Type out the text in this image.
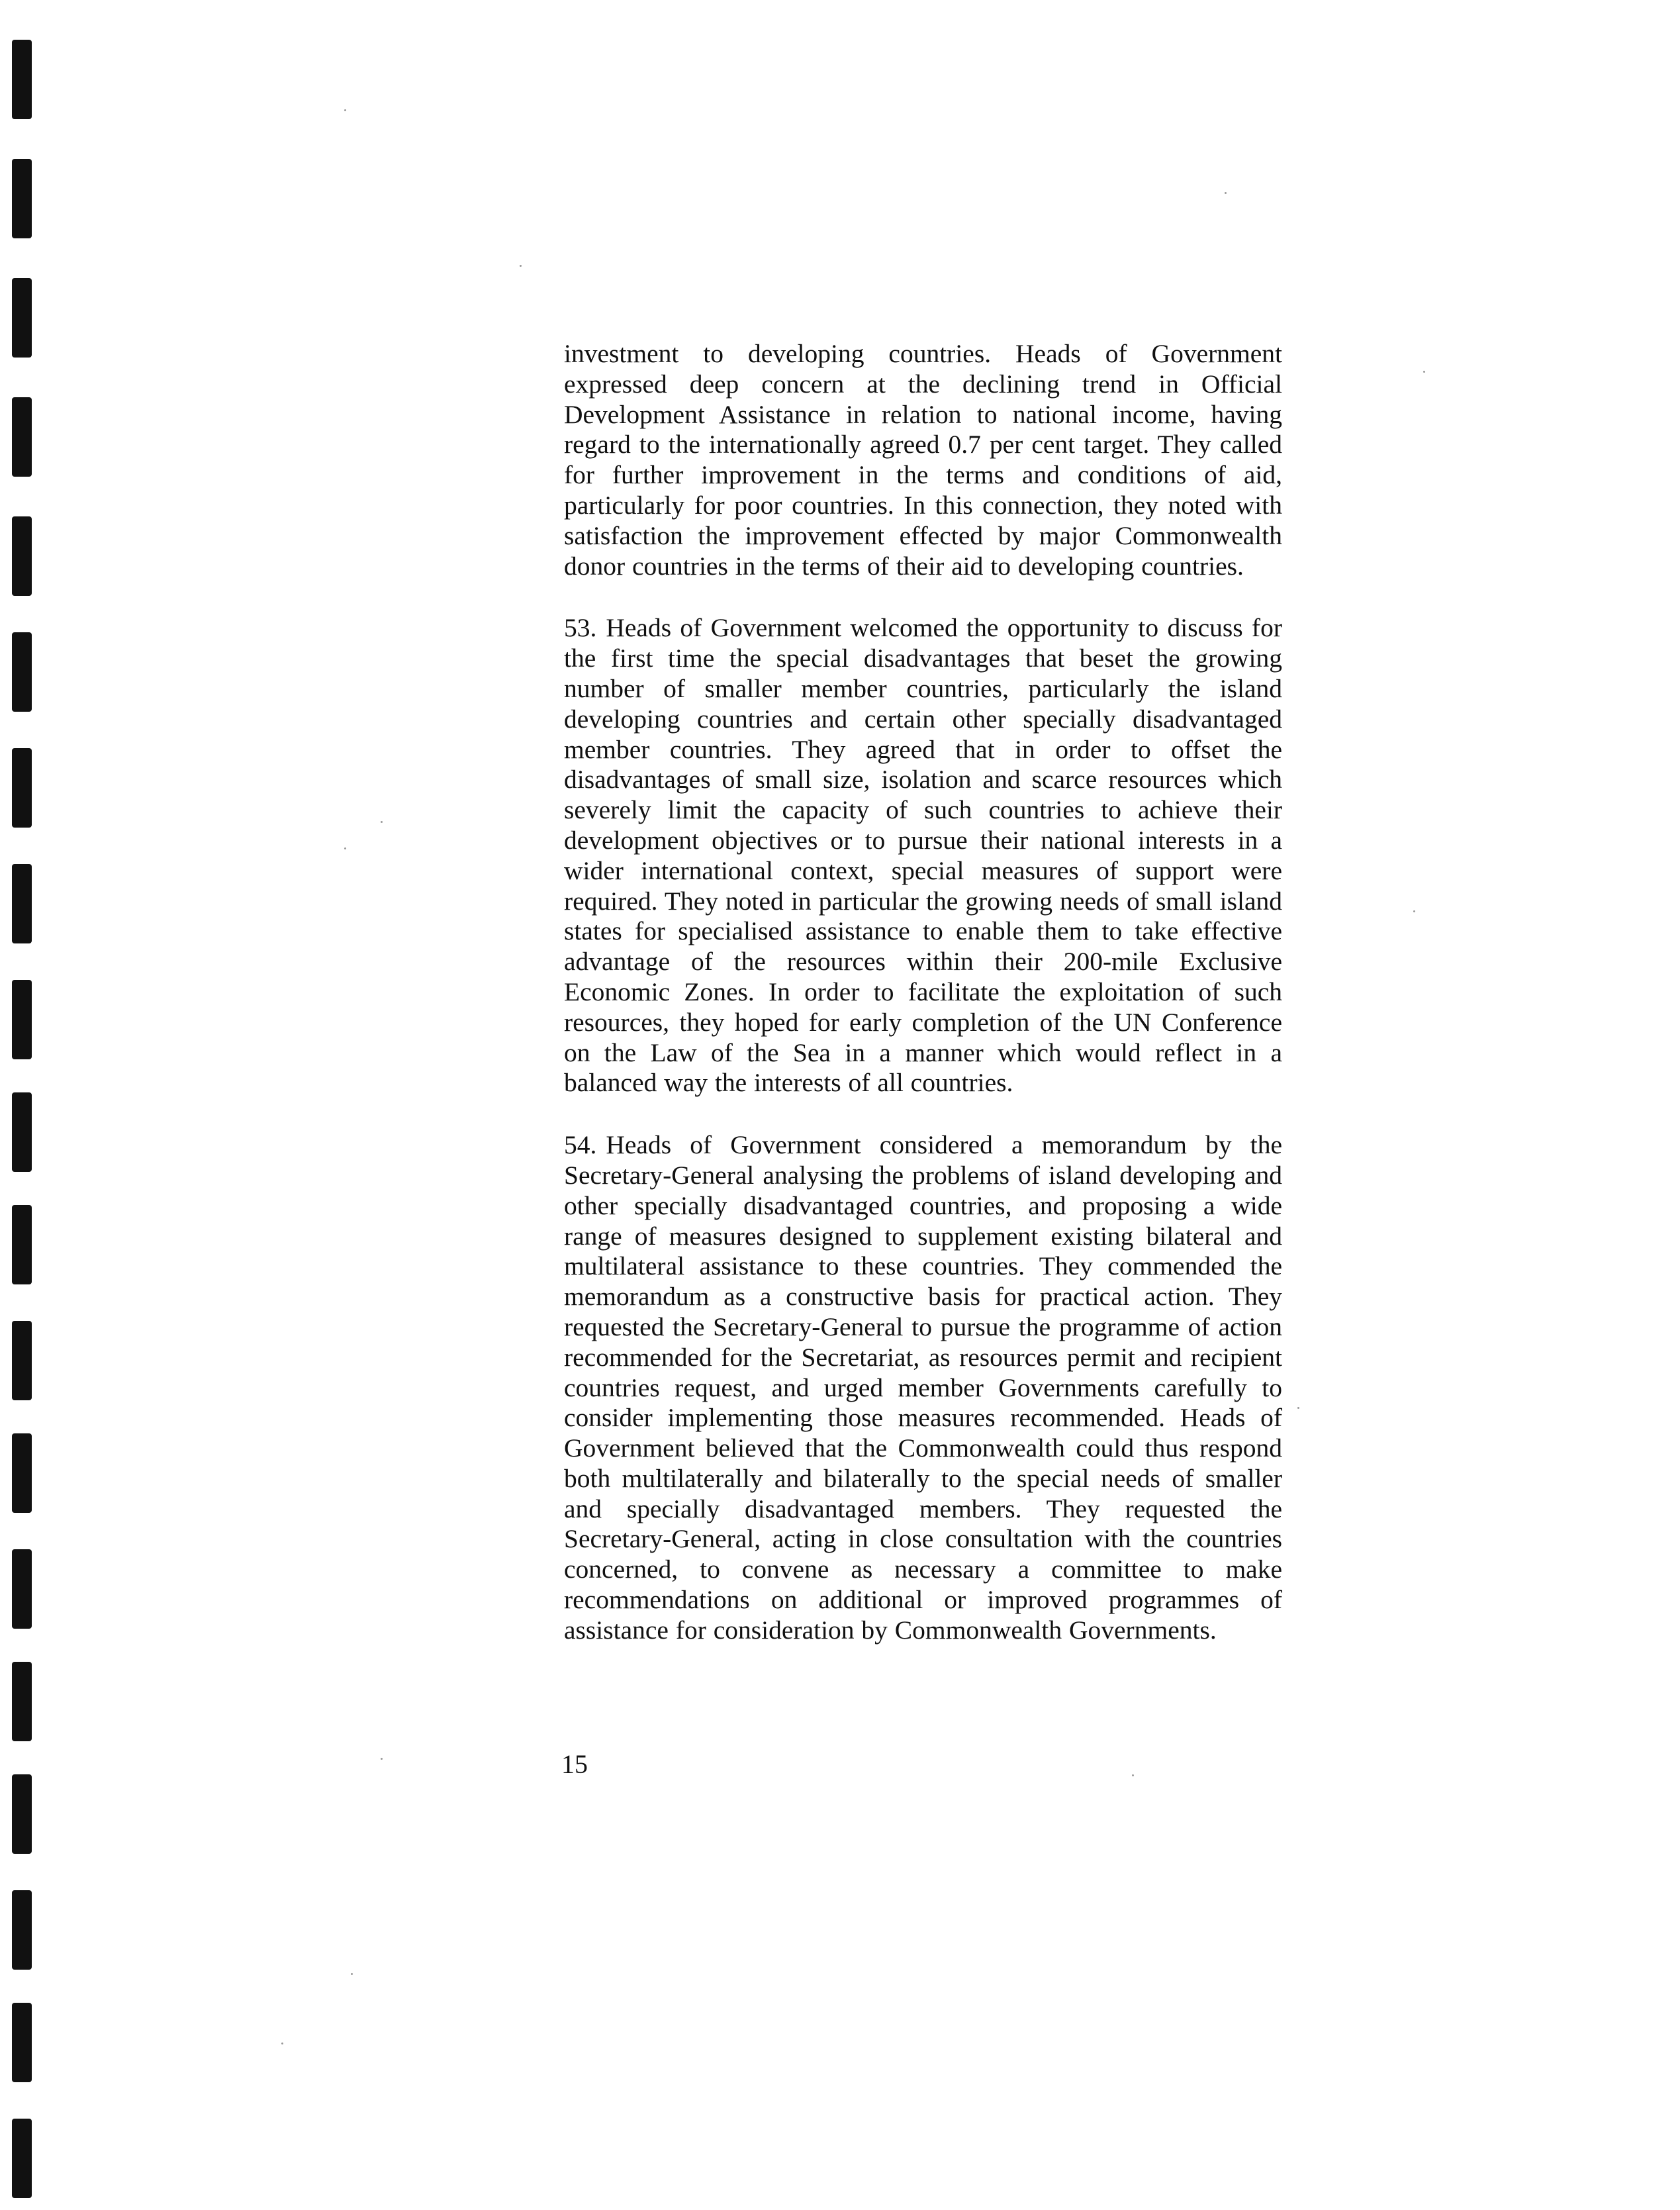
investment to developing countries. Heads of Government expressed deep concern at the declining trend in Official Development Assistance in relation to national income, having regard to the internationally agreed 0.7 per cent target. They called for further improvement in the terms and conditions of aid, particularly for poor countries. In this connection, they noted with satisfaction the improvement effected by major Commonwealth donor countries in the terms of their aid to developing countries.

53. Heads of Government welcomed the opportunity to discuss for the first time the special disadvantages that beset the growing number of smaller member countries, particularly the island developing countries and certain other specially disadvantaged member countries. They agreed that in order to offset the disadvantages of small size, isolation and scarce resources which severely limit the capacity of such countries to achieve their development objectives or to pursue their national interests in a wider international context, special measures of support were required. They noted in particular the growing needs of small island states for specialised assistance to enable them to take effective advantage of the resources within their 200-mile Exclusive Economic Zones. In order to facilitate the exploitation of such resources, they hoped for early completion of the UN Conference on the Law of the Sea in a manner which would reflect in a balanced way the interests of all countries.

54. Heads of Government considered a memorandum by the Secretary-General analysing the problems of island developing and other specially disadvantaged countries, and proposing a wide range of measures designed to supplement existing bilateral and multilateral assistance to these countries. They commended the memorandum as a constructive basis for practical action. They requested the Secretary-General to pursue the programme of action recommended for the Secretariat, as resources permit and recipient countries request, and urged member Governments carefully to consider implementing those measures recommended. Heads of Government believed that the Commonwealth could thus respond both multilaterally and bilaterally to the special needs of smaller and specially disadvantaged members. They requested the Secretary-General, acting in close consultation with the countries concerned, to convene as necessary a committee to make recommendations on additional or improved programmes of assistance for consideration by Commonwealth Governments.

15
